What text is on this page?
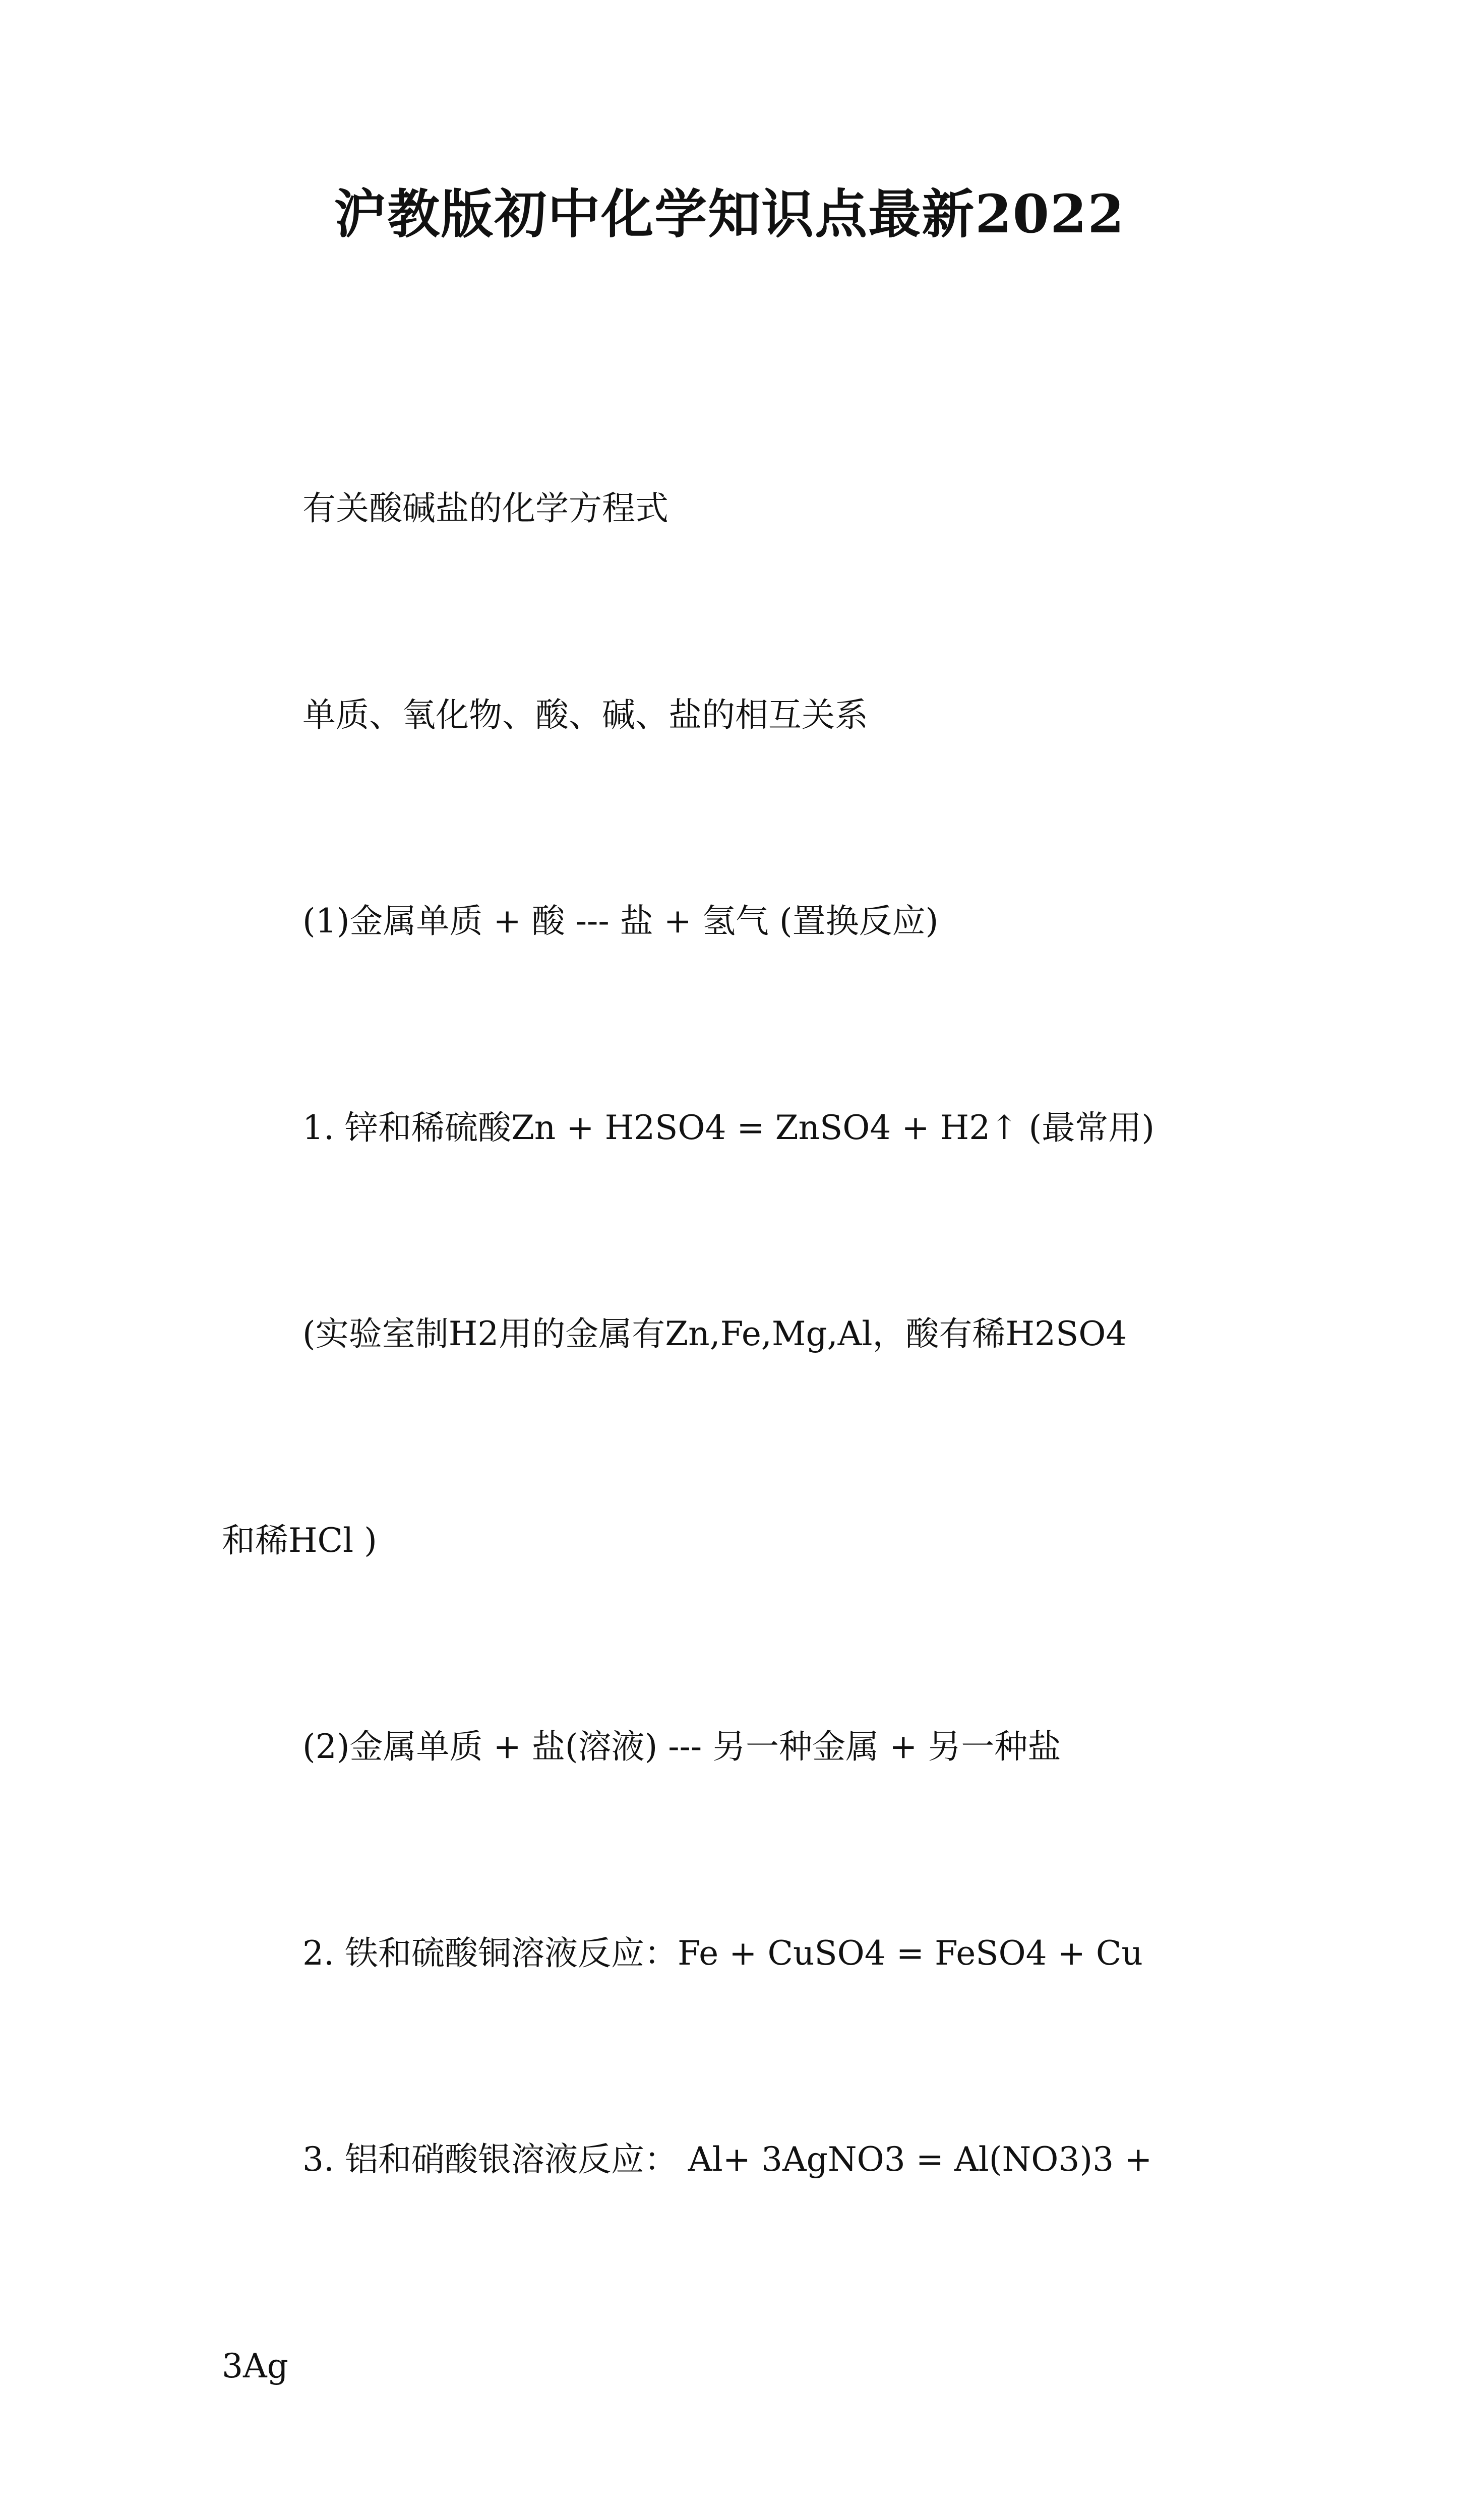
沪教版初中化学知识点最新2022

有关酸碱盐的化学方程式

单质、氧化物、酸、碱、盐的相互关系

(1)金属单质 + 酸 --- 盐 + 氢气 (置换反应)

1. 锌和稀硫酸Zn + H2SO4 = ZnSO4 + H2↑ (最常用)

(实验室制H2用的金属有Zn,Fe,Mg,Al，酸有稀H2SO4

和稀HCl )

(2)金属单质 + 盐(溶液) --- 另一种金属 + 另一种盐

2. 铁和硫酸铜溶液反应：Fe + CuSO4 = FeSO4 + Cu

3. 铝和硝酸银溶液反应： Al+ 3AgNO3 = Al(NO3)3 +

3Ag
